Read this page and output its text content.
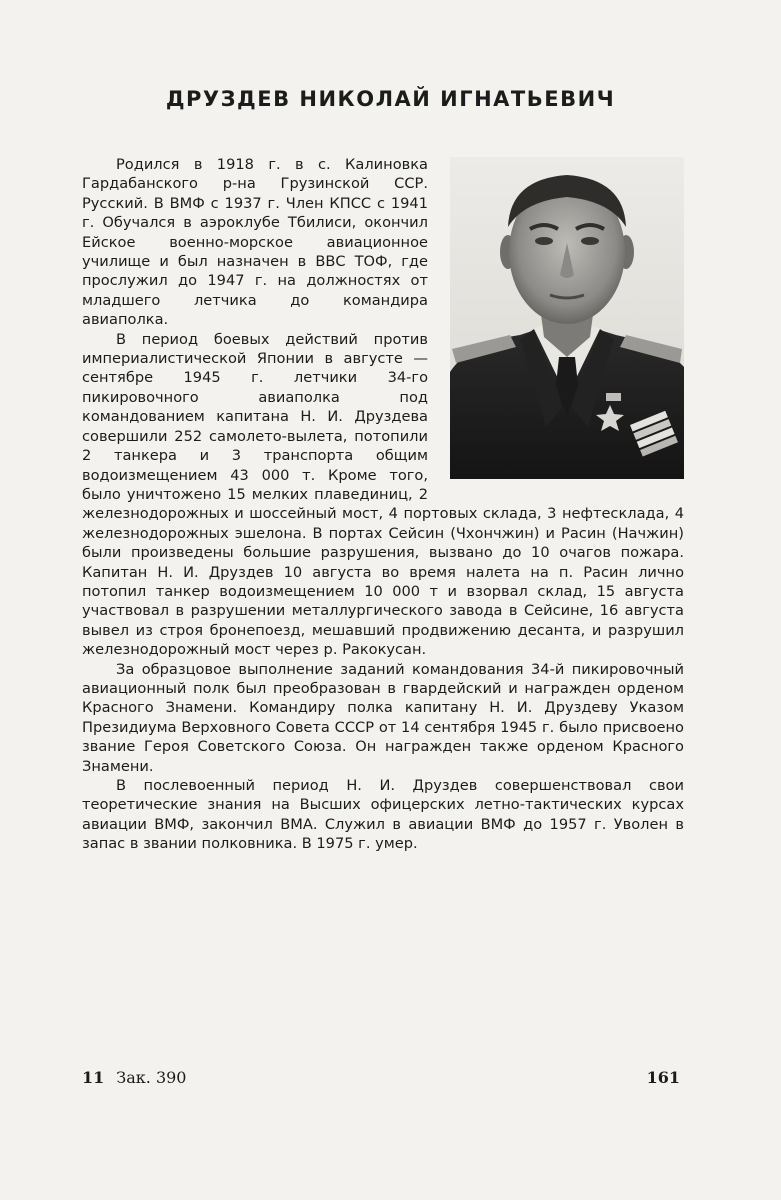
ДРУЗДЕВ НИКОЛАЙ ИГНАТЬЕВИЧ

Родился в 1918 г. в с. Калиновка Гардабанского р-на Грузинской ССР. Русский. В ВМФ с 1937 г. Член КПСС с 1941 г. Обучался в аэроклубе Тбилиси, окончил Ейское военно-морское авиационное училище и был назначен в ВВС ТОФ, где прослужил до 1947 г. на должностях от младшего летчика до командира авиаполка.

В период боевых действий против империалистической Японии в августе — сентябре 1945 г. летчики 34-го пикировочного авиаполка под командованием капитана Н. И. Друздева совершили 252 самолето-вылета, потопили 2 танкера и 3 транспорта общим водоизмещением 43 000 т. Кроме того, было уничтожено 15 мелких плавединиц, 2 железнодорожных и шоссейный мост, 4 портовых склада, 3 нефтесклада, 4 железнодорожных эшелона. В портах Сейсин (Чхончжин) и Расин (Начжин) были произведены большие разрушения, вызвано до 10 очагов пожара. Капитан Н. И. Друздев 10 августа во время налета на п. Расин лично потопил танкер водоизмещением 10 000 т и взорвал склад, 15 августа участвовал в разрушении металлургического завода в Сейсине, 16 августа вывел из строя бронепоезд, мешавший продвижению десанта, и разрушил железнодорожный мост через р. Ракокусан.

За образцовое выполнение заданий командования 34-й пикировочный авиационный полк был преобразован в гвардейский и награжден орденом Красного Знамени. Командиру полка капитану Н. И. Друздеву Указом Президиума Верховного Совета СССР от 14 сентября 1945 г. было присвоено звание Героя Советского Союза. Он награжден также орденом Красного Знамени.

В послевоенный период Н. И. Друздев совершенствовал свои теоретические знания на Высших офицерских летно-тактических курсах авиации ВМФ, закончил ВМА. Служил в авиации ВМФ до 1957 г. Уволен в запас в звании полковника. В 1975 г. умер.

11 Зак. 390	161
